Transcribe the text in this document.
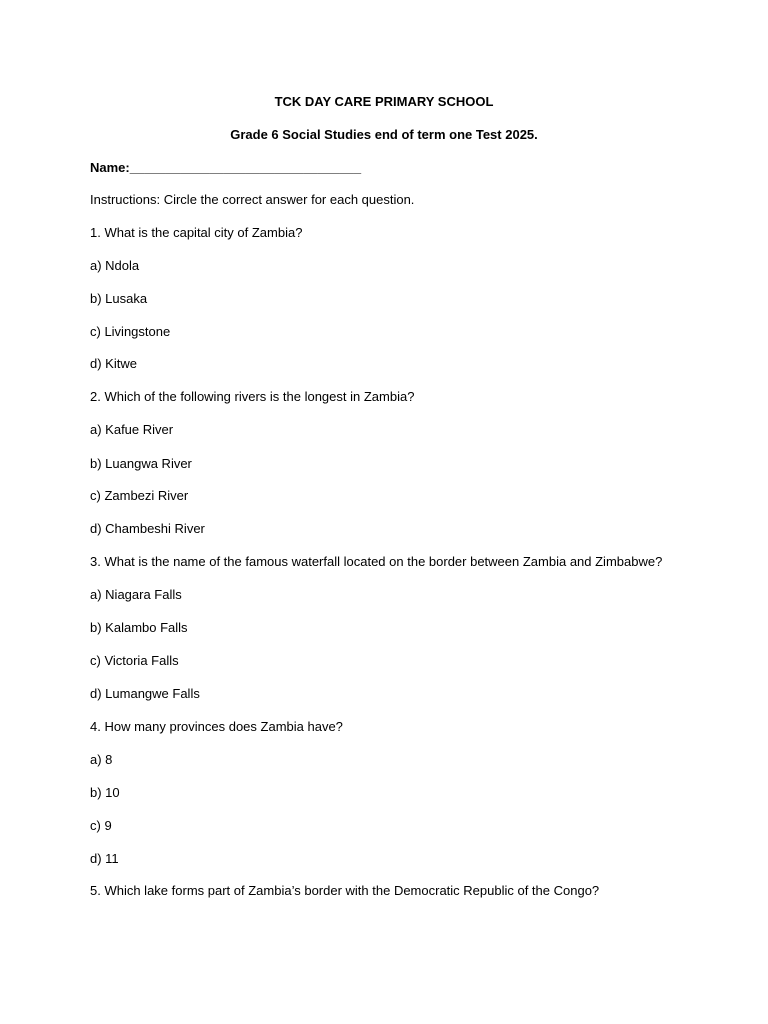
TCK DAY CARE PRIMARY SCHOOL
Grade 6 Social Studies end of term one Test 2025.
Name:________________________________
Instructions: Circle the correct answer for each question.
1. What is the capital city of Zambia?
a) Ndola
b) Lusaka
c) Livingstone
d) Kitwe
2. Which of the following rivers is the longest in Zambia?
a) Kafue River
b) Luangwa River
c) Zambezi River
d) Chambeshi River
3. What is the name of the famous waterfall located on the border between Zambia and Zimbabwe?
a) Niagara Falls
b) Kalambo Falls
c) Victoria Falls
d) Lumangwe Falls
4. How many provinces does Zambia have?
a) 8
b) 10
c) 9
d) 11
5. Which lake forms part of Zambia’s border with the Democratic Republic of the Congo?
